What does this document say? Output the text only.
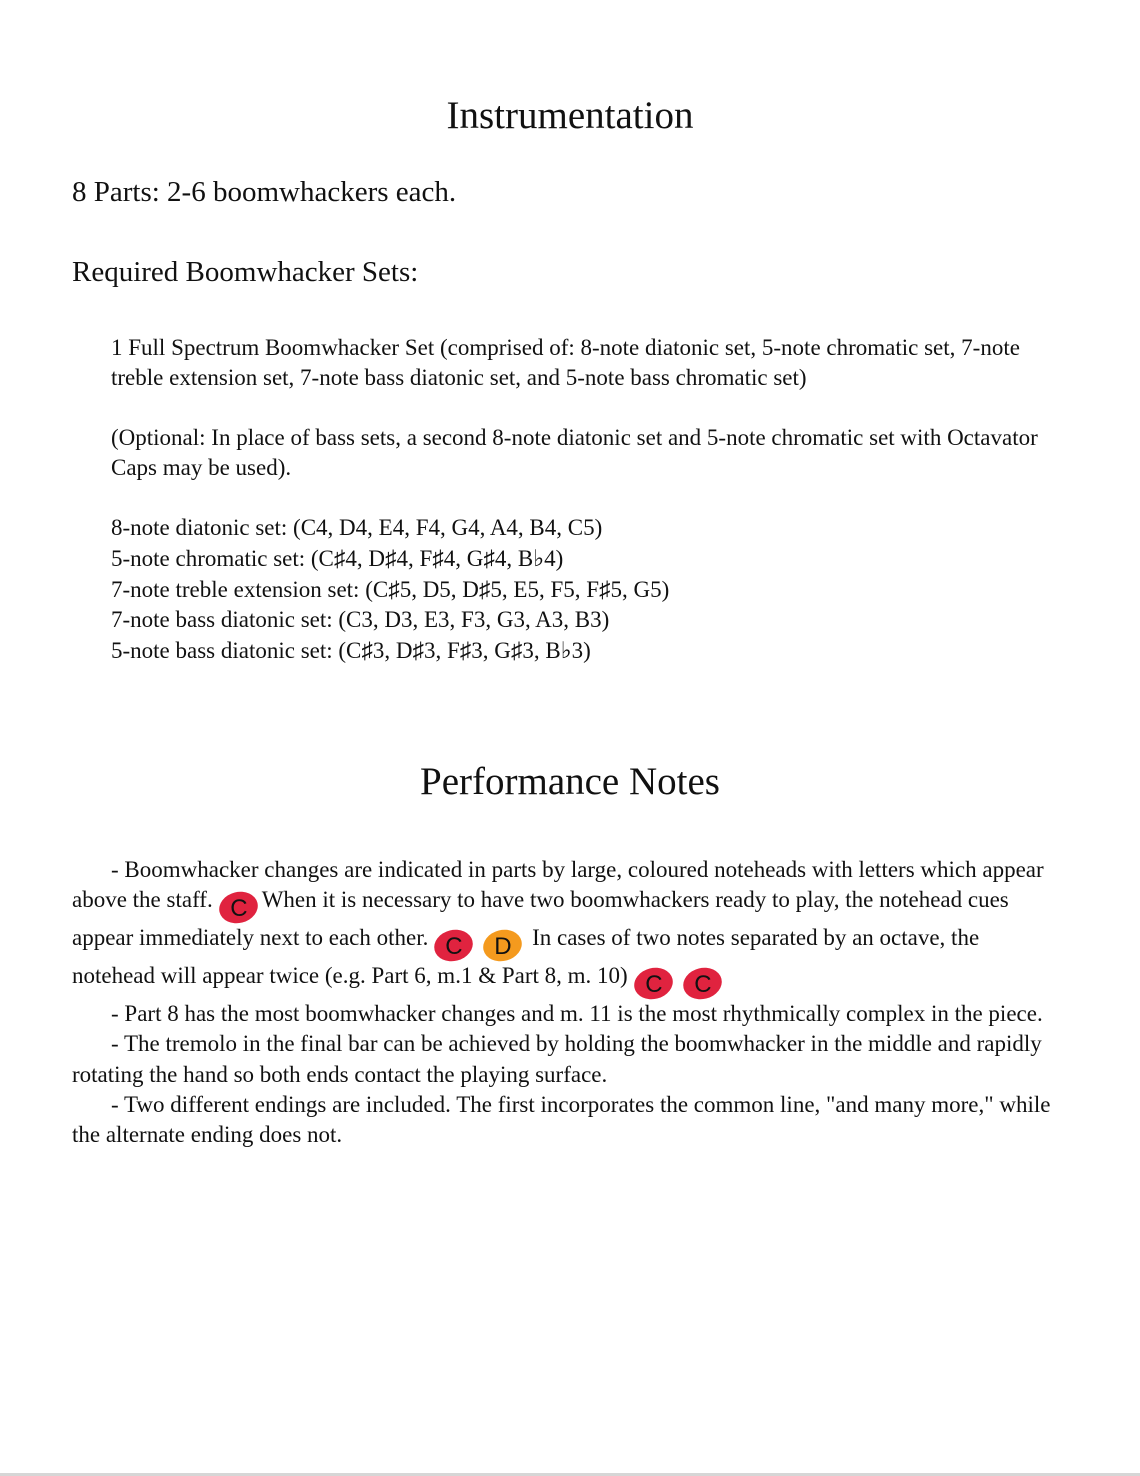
Instrumentation
8 Parts: 2-6 boomwhackers each.
Required Boomwhacker Sets:
1 Full Spectrum Boomwhacker Set (comprised of: 8-note diatonic set, 5-note chromatic set, 7-note treble extension set, 7-note bass diatonic set, and 5-note bass chromatic set)
(Optional: In place of bass sets, a second 8-note diatonic set and 5-note chromatic set with Octavator Caps may be used).
8-note diatonic set: (C4, D4, E4, F4, G4, A4, B4, C5)
5-note chromatic set: (C♯4, D♯4, F♯4, G♯4, B♭4)
7-note treble extension set: (C♯5, D5, D♯5, E5, F5, F♯5, G5)
7-note bass diatonic set: (C3, D3, E3, F3, G3, A3, B3)
5-note bass diatonic set: (C♯3, D♯3, F♯3, G♯3, B♭3)
Performance Notes

- Boomwhacker changes are indicated in parts by large, coloured noteheads with letters which appear above the staff. C When it is necessary to have two boomwhackers ready to play, the notehead cues appear immediately next to each other. C D In cases of two notes separated by an octave, the notehead will appear twice (e.g. Part 6, m.1 & Part 8, m. 10) C C

- Part 8 has the most boomwhacker changes and m. 11 is the most rhythmically complex in the piece.

- The tremolo in the final bar can be achieved by holding the boomwhacker in the middle and rapidly rotating the hand so both ends contact the playing surface.

- Two different endings are included. The first incorporates the common line, "and many more," while the alternate ending does not.
